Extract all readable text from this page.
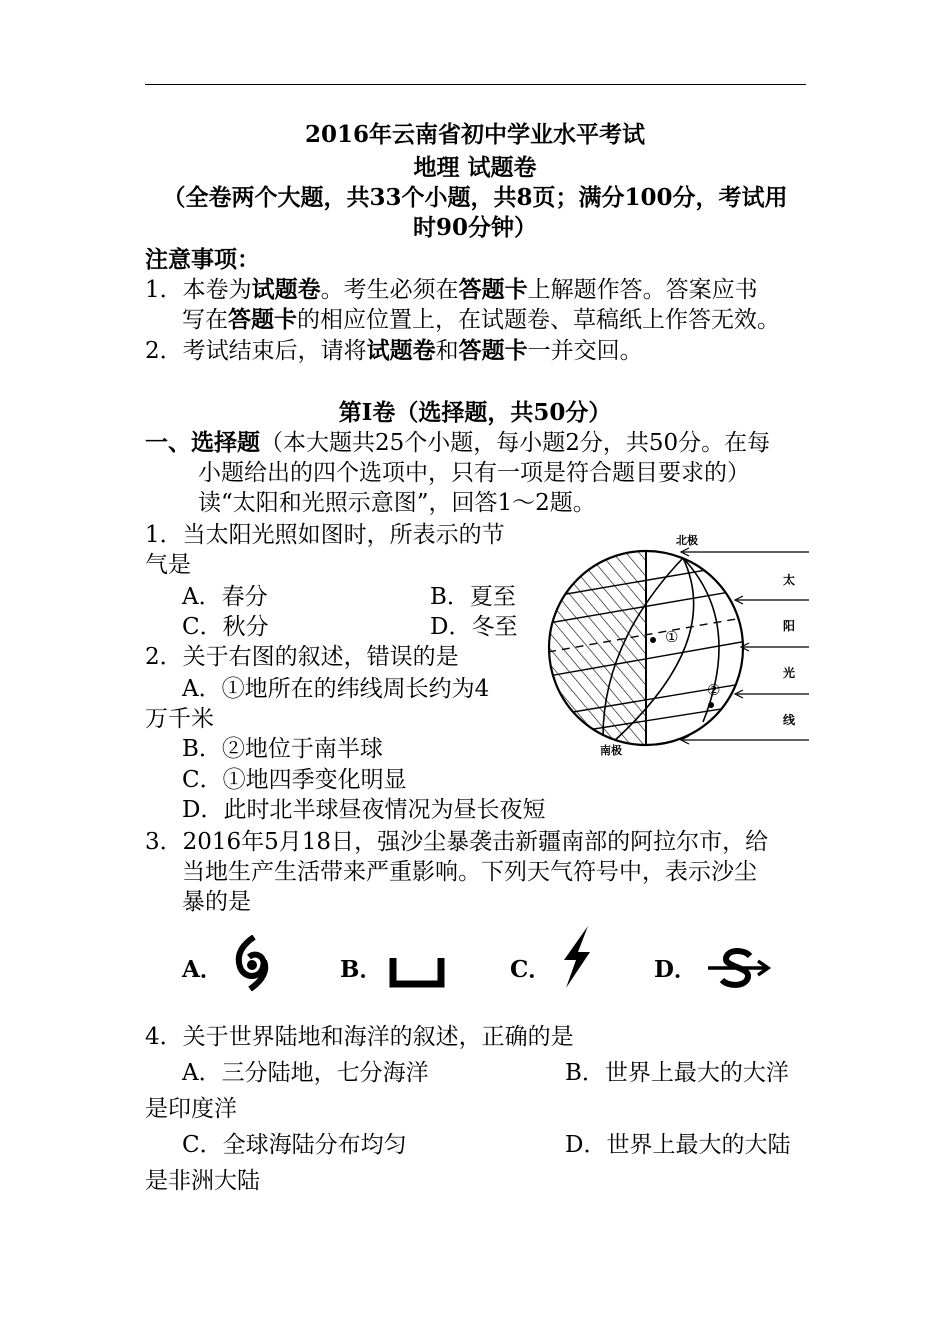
2016年云南省初中学业水平考试
地理 试题卷
（全卷两个大题，共33个小题，共8页；满分100分，考试用
时90分钟）
注意事项：
1．本卷为试题卷。考生必须在答题卡上解题作答。答案应书
写在答题卡的相应位置上，在试题卷、草稿纸上作答无效。
2．考试结束后，请将试题卷和答题卡一并交回。
第Ⅰ卷（选择题，共50分）
一、选择题（本大题共25个小题，每小题2分，共50分。在每
小题给出的四个选项中，只有一项是符合题目要求的）
读“太阳和光照示意图”，回答1～2题。
1．当太阳光照如图时，所表示的节
气是
A．春分	B．夏至
C．秋分	D．冬至
2．关于右图的叙述，错误的是
A．①地所在的纬线周长约为4
万千米
B．②地位于南半球
C．①地四季变化明显
D．此时北半球昼夜情况为昼长夜短
①
②
北极
南极
太
阳
光
线
3．2016年5月18日，强沙尘暴袭击新疆南部的阿拉尔市，给
当地生产生活带来严重影响。下列天气符号中，表示沙尘
暴的是
A．	B．	C．	D．
4．关于世界陆地和海洋的叙述，正确的是
A．三分陆地，七分海洋	B．世界上最大的大洋
是印度洋
C．全球海陆分布均匀	D．世界上最大的大陆
是非洲大陆
